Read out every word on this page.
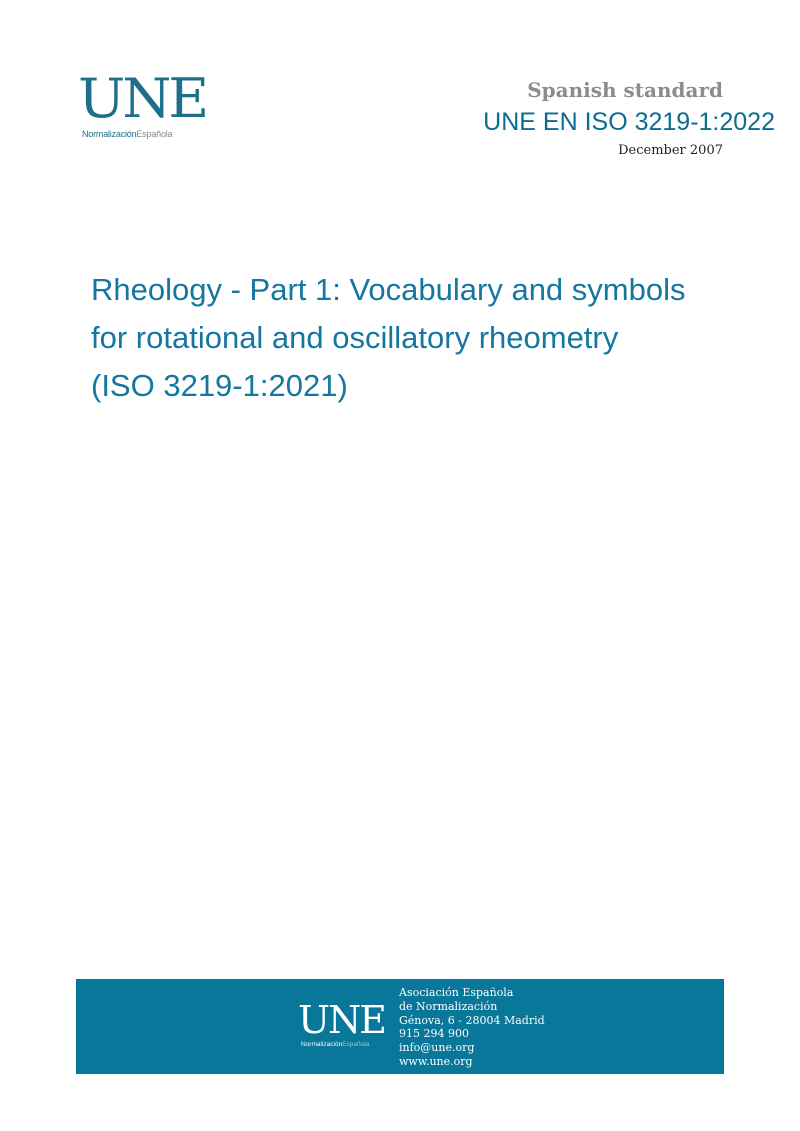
UNE
NormalizaciónEspañola
Spanish standard
UNE EN ISO 3219-1:2022
December 2007
Rheology - Part 1: Vocabulary and symbols
for rotational and oscillatory rheometry
(ISO 3219-1:2021)
UNE
NormalizaciónEspañola
Asociación Española
de Normalización
Génova, 6 - 28004 Madrid
915 294 900
info@une.org
www.une.org
